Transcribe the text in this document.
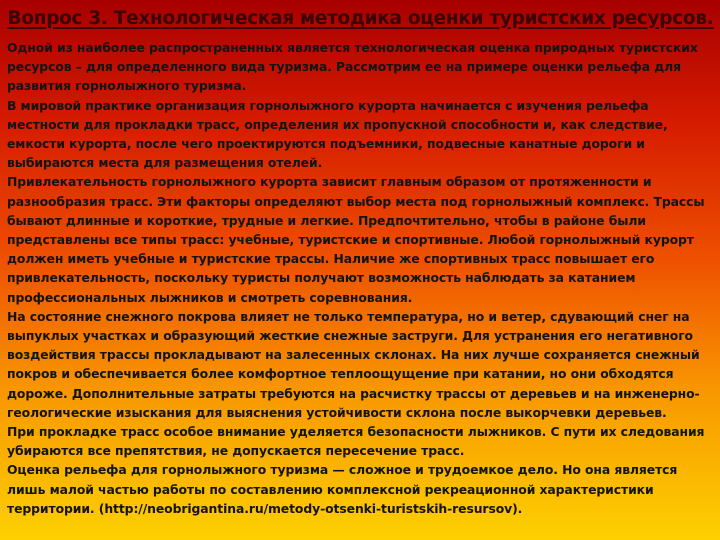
Вопрос 3. Технологическая методика оценки туристских ресурсов.

Одной из наиболее распространенных является технологическая оценка природных туристских ресурсов – для определенного вида туризма. Рассмотрим ее на примере оценки рельефа для развития горнолыжного туризма.

В мировой практике организация горнолыжного курорта начинается с изучения рельефа местности для прокладки трасс, определения их пропускной способности и, как следствие, емкости курорта, после чего проектируются подъемники, подвесные канатные дороги и выбираются места для размещения отелей.

Привлекательность горнолыжного курорта зависит главным образом от протяженности и разнообразия трасс. Эти факторы определяют выбор места под горнолыжный комплекс. Трассы бывают длинные и короткие, трудные и легкие. Предпочтительно, чтобы в районе были представлены все типы трасс: учебные, туристские и спортивные. Любой горнолыжный курорт должен иметь учебные и туристские трассы. Наличие же спортивных трасс повышает его привлекательность, поскольку туристы получают возможность наблюдать за катанием профессиональных лыжников и смотреть соревнования.

На состояние снежного покрова влияет не только температура, но и ветер, сдувающий снег на выпуклых участках и образующий жесткие снежные заструги. Для устранения его негативного воздействия трассы прокладывают на залесенных склонах. На них лучше сохраняется снежный покров и обеспечивается более комфортное теплоощущение при катании, но они обходятся дороже. Дополнительные затраты требуются на расчистку трассы от деревьев и на инженерно-геологические изыскания для выяснения устойчивости склона после выкорчевки деревьев.

При прокладке трасс особое внимание уделяется безопасности лыжников. С пути их следования убираются все препятствия, не допускается пересечение трасс.

Оценка рельефа для горнолыжного туризма — сложное и трудоемкое дело. Но она является лишь малой частью работы по составлению комплексной рекреационной характеристики территории. (http://neobrigantina.ru/metody-otsenki-turistskih-resursov).
